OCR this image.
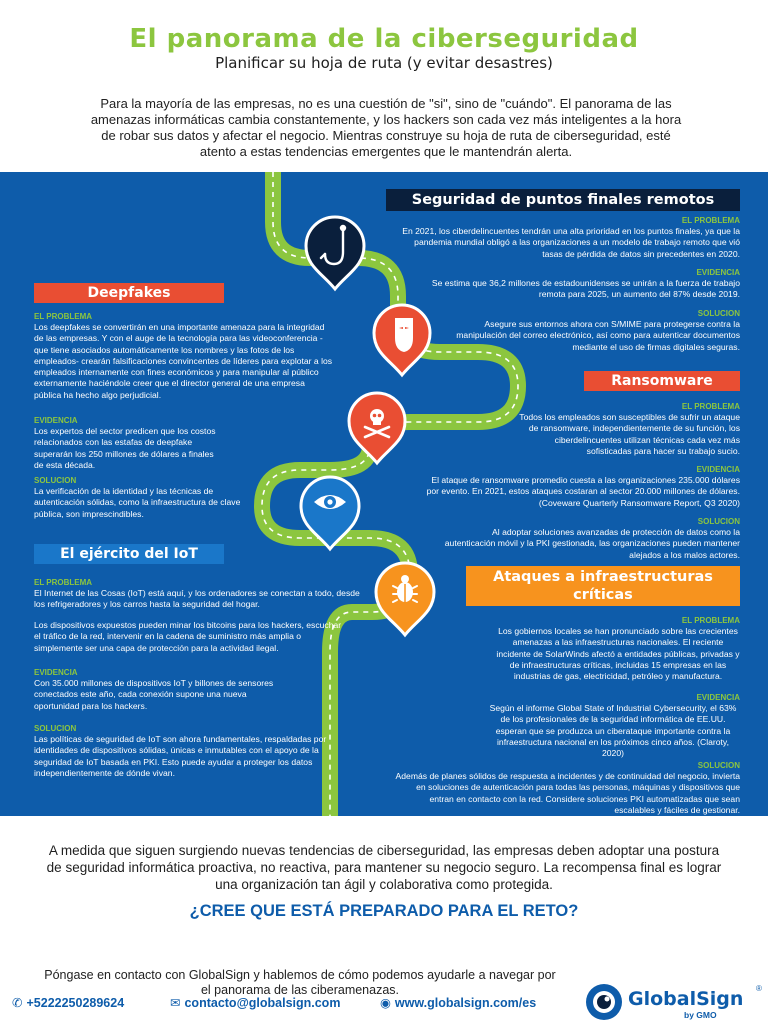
El panorama de la ciberseguridad
Planificar su hoja de ruta (y evitar desastres)
Para la mayoría de las empresas, no es una cuestión de "si", sino de "cuándo". El panorama de las amenazas informáticas cambia constantemente, y los hackers son cada vez más inteligentes a la hora de robar sus datos y afectar el negocio. Mientras construye su hoja de ruta de ciberseguridad, esté atento a estas tendencias emergentes que le mantendrán alerta.
Seguridad de puntos finales remotos
EL PROBLEMA
En 2021, los ciberdelincuentes tendrán una alta prioridad en los puntos finales, ya que la pandemia mundial obligó a las organizaciones a un modelo de trabajo remoto que vió tasas de pérdida de datos sin precedentes en 2020.
EVIDENCIA
Se estima que 36,2 millones de estadounidenses se unirán a la fuerza de trabajo remota para 2025, un aumento del 87% desde 2019.
SOLUCION
Asegure sus entornos ahora con S/MIME para protegerse contra la manipulación del correo electrónico, así como para autenticar documentos mediante el uso de firmas digitales seguras.
Deepfakes
EL PROBLEMA
Los deepfakes se convertirán en una importante amenaza para la integridad de las empresas. Y con el auge de la tecnología para las videoconferencia -que tiene asociados automáticamente los nombres y las fotos de los empleados- crearán falsificaciones convincentes de líderes para explotar a los empleados internamente con fines económicos y para manipular al público externamente haciéndole creer que el director general de una empresa pública ha hecho algo perjudicial.
EVIDENCIA
Los expertos del sector predicen que los costos relacionados con las estafas de deepfake superarán los 250 millones de dólares a finales de esta década.
SOLUCION
La verificación de la identidad y las técnicas de autenticación sólidas, como la infraestructura de clave pública, son imprescindibles.
Ransomware
EL PROBLEMA
Todos los empleados son susceptibles de sufrir un ataque de ransomware, independientemente de su función, los ciberdelincuentes utilizan técnicas cada vez más sofisticadas para hacer su trabajo sucio.
EVIDENCIA
El ataque de ransomware promedio cuesta a las organizaciones 235.000 dólares por evento. En 2021, estos ataques costaran al sector 20.000 millones de dólares. (Coveware Quarterly Ransomware Report, Q3 2020)
SOLUCION
Al adoptar soluciones avanzadas de protección de datos como la autenticación móvil y la PKI gestionada, las organizaciones pueden mantener alejados a los malos actores.
El ejército del IoT
EL PROBLEMA
El Internet de las Cosas (IoT) está aquí, y los ordenadores se conectan a todo, desde los refrigeradores y los carros hasta la seguridad del hogar.
Los dispositivos expuestos pueden minar los bitcoins para los hackers, escuchar el tráfico de la red, intervenir en la cadena de suministro más amplia o simplemente ser una capa de protección para la actividad ilegal.
EVIDENCIA
Con 35.000 millones de dispositivos IoT y billones de sensores conectados este año, cada conexión supone una nueva oportunidad para los hackers.
SOLUCION
Las políticas de seguridad de IoT son ahora fundamentales, respaldadas por identidades de dispositivos sólidas, únicas e inmutables con el apoyo de la seguridad de IoT basada en PKI. Esto puede ayudar a proteger los datos independientemente de dónde vivan.
Ataques a infraestructuras críticas
EL PROBLEMA
Los gobiernos locales se han pronunciado sobre las crecientes amenazas a las infraestructuras nacionales. El reciente incidente de SolarWinds afectó a entidades públicas, privadas y de infraestructuras críticas, incluidas 15 empresas en las industrias de gas, electricidad, petróleo y manufactura.
EVIDENCIA
Según el informe Global State of Industrial Cybersecurity, el 63% de los profesionales de la seguridad informática de EE.UU. esperan que se produzca un ciberataque importante contra la infraestructura nacional en los próximos cinco años. (Claroty, 2020)
SOLUCION
Además de planes sólidos de respuesta a incidentes y de continuidad del negocio, invierta en soluciones de autenticación para todas las personas, máquinas y dispositivos que entran en contacto con la red. Considere soluciones PKI automatizadas que sean escalables y fáciles de gestionar.
A medida que siguen surgiendo nuevas tendencias de ciberseguridad, las empresas deben adoptar una postura de seguridad informática proactiva, no reactiva, para mantener su negocio seguro. La recompensa final es lograr una organización tan ágil y colaborativa como protegida.
¿CREE QUE ESTÁ PREPARADO PARA EL RETO?
Póngase en contacto con GlobalSign y hablemos de cómo podemos ayudarle a navegar por el panorama de las ciberamenazas.
✆ +5222250289624	✉ contacto@globalsign.com	◉ www.globalsign.com/es	GlobalSign ®
by GMO
